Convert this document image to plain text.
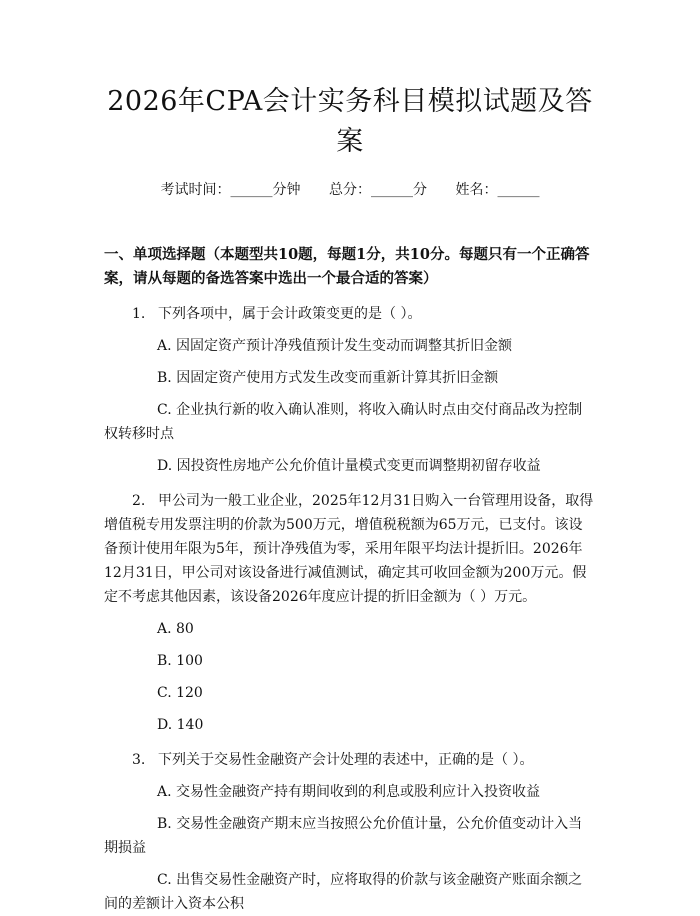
2026年CPA会计实务科目模拟试题及答案
考试时间：______分钟 总分：______分 姓名：______
一、单项选择题（本题型共10题，每题1分，共10分。每题只有一个正确答案，请从每题的备选答案中选出一个最合适的答案）

1. 下列各项中，属于会计政策变更的是（ ）。

A. 因固定资产预计净残值预计发生变动而调整其折旧金额

B. 因固定资产使用方式发生改变而重新计算其折旧金额

C. 企业执行新的收入确认准则，将收入确认时点由交付商品改为控制权转移时点

D. 因投资性房地产公允价值计量模式变更而调整期初留存收益

2. 甲公司为一般工业企业，2025年12月31日购入一台管理用设备，取得增值税专用发票注明的价款为500万元，增值税税额为65万元，已支付。该设备预计使用年限为5年，预计净残值为零，采用年限平均法计提折旧。2026年12月31日，甲公司对该设备进行减值测试，确定其可收回金额为200万元。假定不考虑其他因素，该设备2026年度应计提的折旧金额为（ ）万元。

A. 80

B. 100

C. 120

D. 140

3. 下列关于交易性金融资产会计处理的表述中，正确的是（ ）。

A. 交易性金融资产持有期间收到的利息或股利应计入投资收益

B. 交易性金融资产期末应当按照公允价值计量，公允价值变动计入当期损益

C. 出售交易性金融资产时，应将取得的价款与该金融资产账面余额之间的差额计入资本公积
